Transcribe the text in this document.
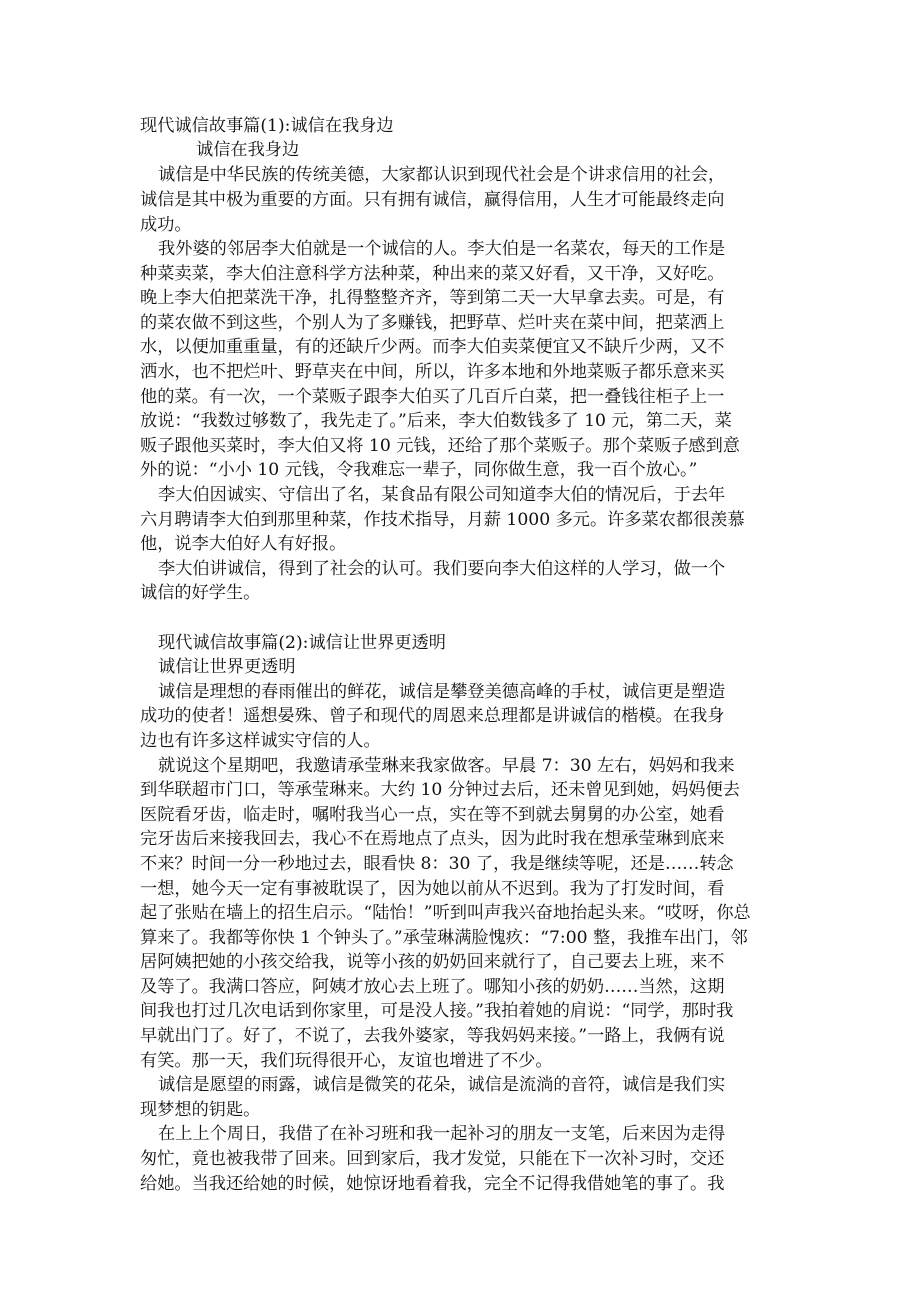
现代诚信故事篇(1):诚信在我身边
诚信在我身边
诚信是中华民族的传统美德，大家都认识到现代社会是个讲求信用的社会，
诚信是其中极为重要的方面。只有拥有诚信，赢得信用，人生才可能最终走向
成功。
我外婆的邻居李大伯就是一个诚信的人。李大伯是一名菜农，每天的工作是
种菜卖菜，李大伯注意科学方法种菜，种出来的菜又好看，又干净，又好吃。
晚上李大伯把菜洗干净，扎得整整齐齐，等到第二天一大早拿去卖。可是，有
的菜农做不到这些，个别人为了多赚钱，把野草、烂叶夹在菜中间，把菜洒上
水，以便加重重量，有的还缺斤少两。而李大伯卖菜便宜又不缺斤少两，又不
洒水，也不把烂叶、野草夹在中间，所以，许多本地和外地菜贩子都乐意来买
他的菜。有一次，一个菜贩子跟李大伯买了几百斤白菜，把一叠钱往柜子上一
放说：“我数过够数了，我先走了。”后来，李大伯数钱多了 10 元，第二天，菜
贩子跟他买菜时，李大伯又将 10 元钱，还给了那个菜贩子。那个菜贩子感到意
外的说：“小小 10 元钱，令我难忘一辈子，同你做生意，我一百个放心。”
李大伯因诚实、守信出了名，某食品有限公司知道李大伯的情况后，于去年
六月聘请李大伯到那里种菜，作技术指导，月薪 1000 多元。许多菜农都很羡慕
他，说李大伯好人有好报。
李大伯讲诚信，得到了社会的认可。我们要向李大伯这样的人学习，做一个
诚信的好学生。
现代诚信故事篇(2):诚信让世界更透明
诚信让世界更透明
诚信是理想的春雨催出的鲜花，诚信是攀登美德高峰的手杖，诚信更是塑造
成功的使者！遥想晏殊、曾子和现代的周恩来总理都是讲诚信的楷模。在我身
边也有许多这样诚实守信的人。
就说这个星期吧，我邀请承莹琳来我家做客。早晨 7：30 左右，妈妈和我来
到华联超市门口，等承莹琳来。大约 10 分钟过去后，还未曾见到她，妈妈便去
医院看牙齿，临走时，嘱咐我当心一点，实在等不到就去舅舅的办公室，她看
完牙齿后来接我回去，我心不在焉地点了点头，因为此时我在想承莹琳到底来
不来？时间一分一秒地过去，眼看快 8：30 了，我是继续等呢，还是……转念
一想，她今天一定有事被耽误了，因为她以前从不迟到。我为了打发时间，看
起了张贴在墙上的招生启示。“陆怡！”听到叫声我兴奋地抬起头来。“哎呀，你总
算来了。我都等你快 1 个钟头了。”承莹琳满脸愧疚：“7:00 整，我推车出门，邻
居阿姨把她的小孩交给我，说等小孩的奶奶回来就行了，自己要去上班，来不
及等了。我满口答应，阿姨才放心去上班了。哪知小孩的奶奶……当然，这期
间我也打过几次电话到你家里，可是没人接。”我拍着她的肩说：“同学，那时我
早就出门了。好了，不说了，去我外婆家，等我妈妈来接。”一路上，我俩有说
有笑。那一天，我们玩得很开心，友谊也增进了不少。
诚信是愿望的雨露，诚信是微笑的花朵，诚信是流淌的音符，诚信是我们实
现梦想的钥匙。
在上上个周日，我借了在补习班和我一起补习的朋友一支笔，后来因为走得
匆忙，竟也被我带了回来。回到家后，我才发觉，只能在下一次补习时，交还
给她。当我还给她的时候，她惊讶地看着我，完全不记得我借她笔的事了。我
